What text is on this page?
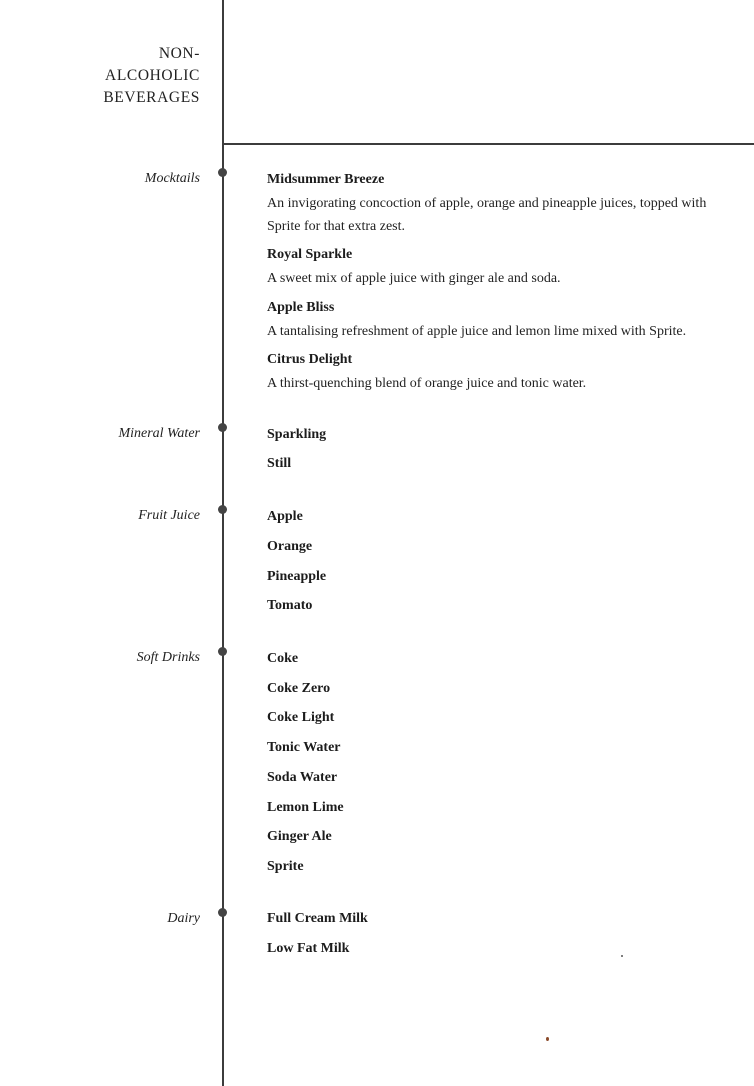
NON-
ALCOHOLIC
BEVERAGES
Mocktails	Midsummer Breeze
An invigorating concoction of apple, orange and pineapple juices, topped with Sprite for that extra zest.
Royal Sparkle
A sweet mix of apple juice with ginger ale and soda.
Apple Bliss
A tantalising refreshment of apple juice and lemon lime mixed with Sprite.
Citrus Delight
A thirst-quenching blend of orange juice and tonic water.
Mineral Water	Sparkling
Still
Fruit Juice	Apple
Orange
Pineapple
Tomato
Soft Drinks	Coke
Coke Zero
Coke Light
Tonic Water
Soda Water
Lemon Lime
Ginger Ale
Sprite
Dairy	Full Cream Milk
Low Fat Milk
